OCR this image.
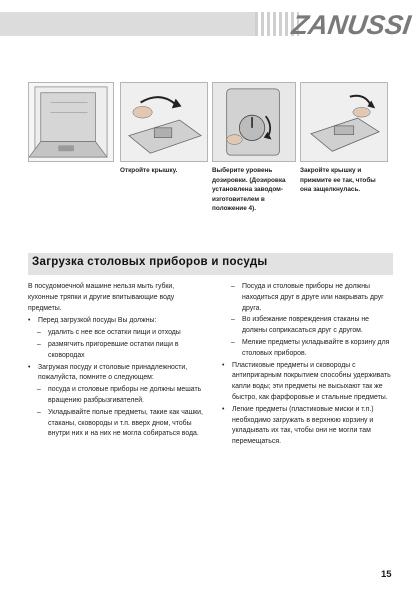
ZANUSSI
Откройте крышку.	Выберите уровень дозировки. (Дозировка установлена заводом-изготовителем в положение 4).
Закройте крышку и прижмите ее так, чтобы она защелкнулась.
Загрузка столовых приборов и посуды

В посудомоечной машине нельзя мыть губки, кухонные тряпки и другие впитывающие воду предметы.

• Перед загрузкой посуды Вы должны:
– удалить с нее все остатки пищи и отходы
– размягчить пригоревшие остатки пищи в сковородах
• Загружая посуду и столовые принадлежности, пожалуйста, помните о следующем:
– посуда и столовые приборы не должны мешать вращению разбрызгивателей.
– Укладывайте полые предметы, такие как чашки, стаканы, сковороды и т.п. вверх дном, чтобы внутри них и на них не могла собираться вода.
– Посуда и столовые приборы не должны находиться друг в друге или накрывать друг друга.
– Во избежание повреждения стаканы не должны соприкасаться друг с другом.
– Мелкие предметы укладывайте в корзину для столовых приборов.
• Пластиковые предметы и сковороды с антипригарным покрытием способны удерживать капли воды; эти предметы не высыхают так же быстро, как фарфоровые и стальные предметы.
• Легкие предметы (пластиковые миски и т.п.) необходимо загружать в верхнюю корзину и укладывать их так, чтобы они не могли там перемещаться.
15
